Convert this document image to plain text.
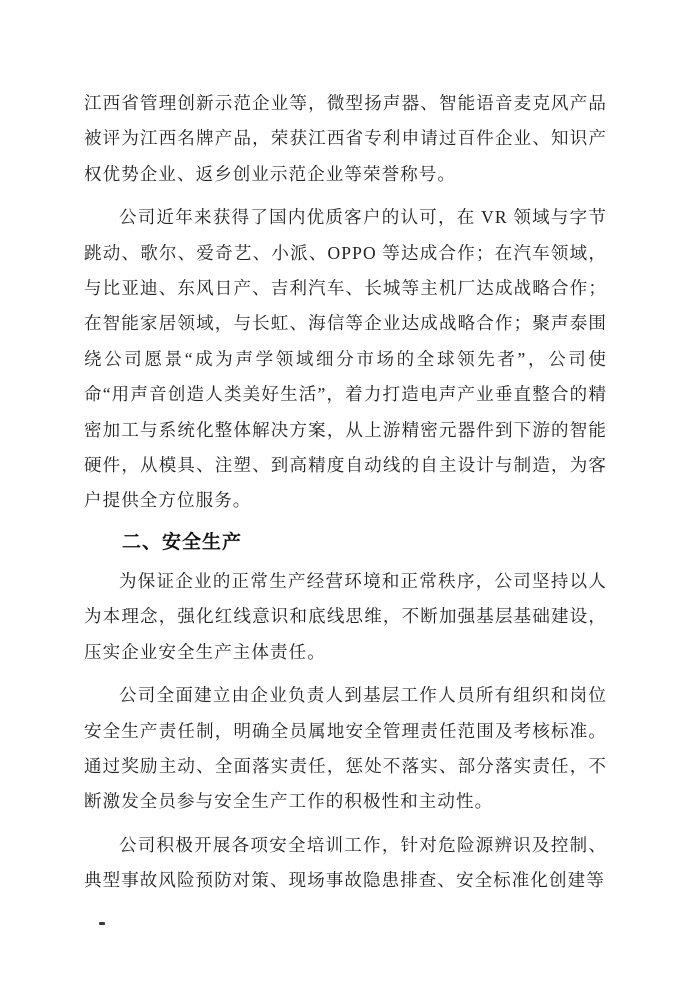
江西省管理创新示范企业等，微型扬声器、智能语音麦克风产品被评为江西名牌产品，荣获江西省专利申请过百件企业、知识产权优势企业、返乡创业示范企业等荣誉称号。

公司近年来获得了国内优质客户的认可，在 VR 领域与字节跳动、歌尔、爱奇艺、小派、OPPO 等达成合作；在汽车领域，与比亚迪、东风日产、吉利汽车、长城等主机厂达成战略合作；在智能家居领域，与长虹、海信等企业达成战略合作；聚声泰围绕公司愿景“成为声学领域细分市场的全球领先者”，公司使命“用声音创造人类美好生活”，着力打造电声产业垂直整合的精密加工与系统化整体解决方案，从上游精密元器件到下游的智能硬件，从模具、注塑、到高精度自动线的自主设计与制造，为客户提供全方位服务。

二、安全生产

为保证企业的正常生产经营环境和正常秩序，公司坚持以人为本理念，强化红线意识和底线思维，不断加强基层基础建设，压实企业安全生产主体责任。

公司全面建立由企业负责人到基层工作人员所有组织和岗位安全生产责任制，明确全员属地安全管理责任范围及考核标准。通过奖励主动、全面落实责任，惩处不落实、部分落实责任，不断激发全员参与安全生产工作的积极性和主动性。

公司积极开展各项安全培训工作，针对危险源辨识及控制、典型事故风险预防对策、现场事故隐患排查、安全标准化创建等
